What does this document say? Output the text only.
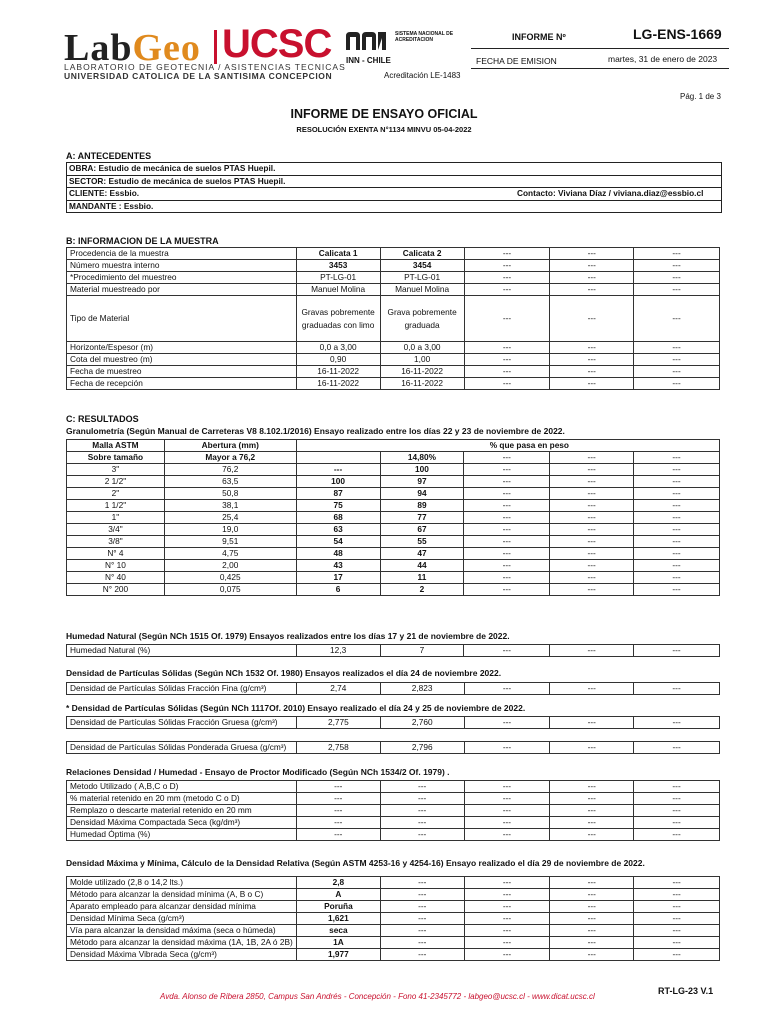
LabGeo UCSC
LABORATORIO DE GEOTECNIA / ASISTENCIAS TECNICAS
UNIVERSIDAD CATOLICA DE LA SANTISIMA CONCEPCION
SISTEMA NACIONAL DE ACREDITACION
INN - CHILE
Acreditación LE-1483
INFORME Nº	LG-ENS-1669
FECHA DE EMISION	martes, 31 de enero de 2023
Pág. 1 de 3
INFORME DE ENSAYO OFICIAL
RESOLUCIÓN EXENTA N°1134 MINVU 05-04-2022
A: ANTECEDENTES
OBRA: Estudio de mecánica de suelos PTAS Huepil.
SECTOR: Estudio de mecánica de suelos PTAS Huepil.
CLIENTE: Essbio.	Contacto: Viviana Díaz / viviana.diaz@essbio.cl
MANDANTE : Essbio.
B: INFORMACION DE LA MUESTRA
Procedencia de la muestra	Calicata 1	Calicata 2	---	---	---
Número muestra interno	3453	3454	---	---	---
*Procedimiento del muestreo	PT-LG-01	PT-LG-01	---	---	---
Material muestreado por	Manuel Molina	Manuel Molina	---	---	---
Tipo de Material	Gravas pobremente
graduadas con limo	Grava pobremente
graduada	---	---	---
Horizonte/Espesor (m)	0,0 a 3,00	0,0 a 3,00	---	---	---
Cota del muestreo (m)	0,90	1,00	---	---	---
Fecha de muestreo	16-11-2022	16-11-2022	---	---	---
Fecha de recepción	16-11-2022	16-11-2022	---	---	---
C: RESULTADOS
Granulometría (Según Manual de Carreteras V8 8.102.1/2016) Ensayo realizado entre los días 22 y 23 de noviembre de 2022.
Malla ASTM	Abertura (mm)	% que pasa en peso				
Sobre tamaño	Mayor a 76,2		14,80%	---	---	---
3"	76,2	---	100	---	---	---
2 1/2"	63,5	100	97	---	---	---
2"	50,8	87	94	---	---	---
1 1/2"	38,1	75	89	---	---	---
1"	25,4	68	77	---	---	---
3/4"	19,0	63	67	---	---	---
3/8"	9,51	54	55	---	---	---
N° 4	4,75	48	47	---	---	---
N° 10	2,00	43	44	---	---	---
N° 40	0,425	17	11	---	---	---
N° 200	0,075	6	2	---	---	---
Humedad Natural (Según NCh 1515 Of. 1979) Ensayos realizados entre los días 17 y 21 de noviembre de 2022.
Humedad Natural (%)	12,3	7	---	---	---
Densidad de Partículas Sólidas (Según NCh 1532 Of. 1980) Ensayos realizados el día 24 de noviembre 2022.
Densidad de Partículas Sólidas Fracción Fina (g/cm³)	2,74	2,823	---	---	---
* Densidad de Partículas Sólidas (Según NCh 1117Of. 2010) Ensayo realizado el día 24 y 25 de noviembre de 2022.
Densidad de Partículas Sólidas Fracción Gruesa (g/cm³)	2,775	2,760	---	---	---
Densidad de Partículas Sólidas Ponderada Gruesa (g/cm³)	2,758	2,796	---	---	---
Relaciones Densidad / Humedad - Ensayo de Proctor Modificado (Según NCh 1534/2 Of. 1979) .
Metodo Utilizado ( A,B,C o D)	---	---	---	---	---
% material retenido en 20 mm (metodo C o D)	---	---	---	---	---
Remplazo o descarte material retenido en 20 mm	---	---	---	---	---
Densidad Máxima Compactada Seca (kg/dm³)	---	---	---	---	---
Humedad Óptima (%)	---	---	---	---	---
Densidad Máxima y Mínima, Cálculo de la Densidad Relativa (Según ASTM 4253-16 y 4254-16) Ensayo realizado el día 29 de noviembre de 2022.
Molde utilizado (2,8 o 14,2 lts.)	2,8	---	---	---	---
Método para alcanzar la densidad mínima (A, B o C)	A	---	---	---	---
Aparato empleado para alcanzar densidad mínima	Poruña	---	---	---	---
Densidad Mínima Seca (g/cm³)	1,621	---	---	---	---
Vía para alcanzar la densidad máxima (seca o húmeda)	seca	---	---	---	---
Método para alcanzar la densidad máxima (1A, 1B, 2A ó 2B)	1A	---	---	---	---
Densidad Máxima Vibrada Seca (g/cm³)	1,977	---	---	---	---
Avda. Alonso de Ribera 2850, Campus San Andrés - Concepción - Fono 41-2345772 - labgeo@ucsc.cl - www.dicat.ucsc.cl
RT-LG-23 V.1
